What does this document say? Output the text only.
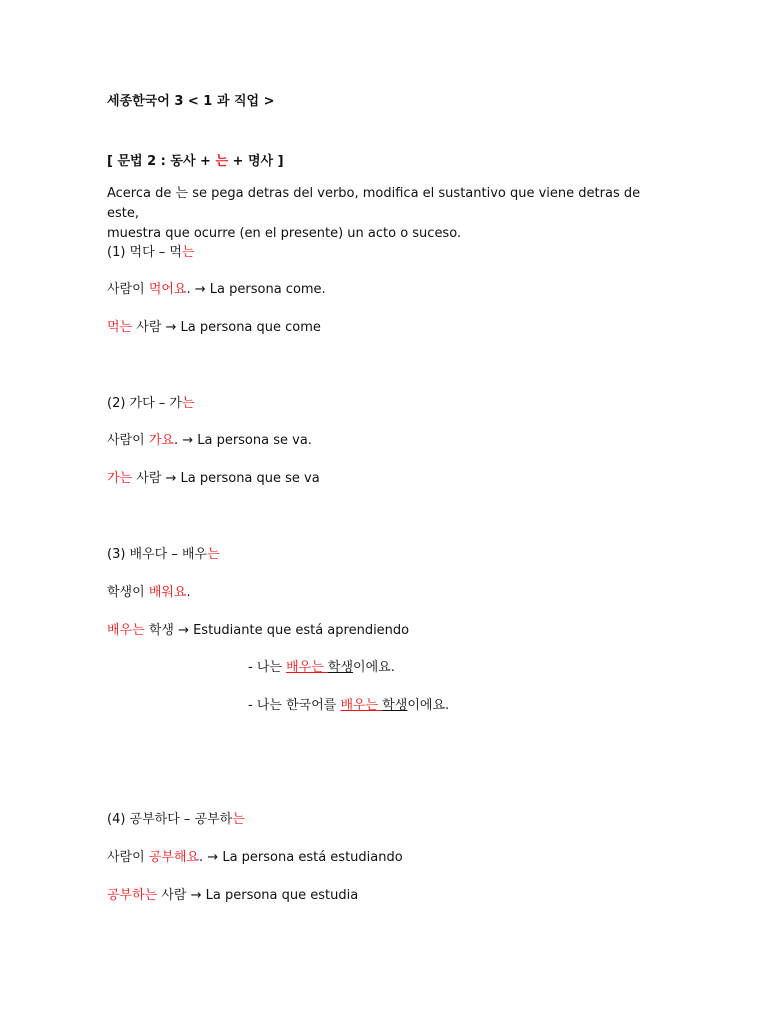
세종한국어 3 < 1 과 직업 >
[ 문법 2 : 동사 + 는 + 명사 ]
Acerca de 는 se pega detras del verbo, modifica el sustantivo que viene detras de este,
muestra que ocurre (en el presente) un acto o suceso.
(1) 먹다 – 먹는
사람이 먹어요. → La persona come.
먹는 사람 → La persona que come
(2) 가다 – 가는
사람이 가요. → La persona se va.
가는 사람 → La persona que se va
(3) 배우다 – 배우는
학생이 배워요.
배우는 학생 → Estudiante que está aprendiendo
- 나는 배우는 학생이에요.
- 나는 한국어를 배우는 학생이에요.
(4) 공부하다 – 공부하는
사람이 공부해요. → La persona está estudiando
공부하는 사람 → La persona que estudia
